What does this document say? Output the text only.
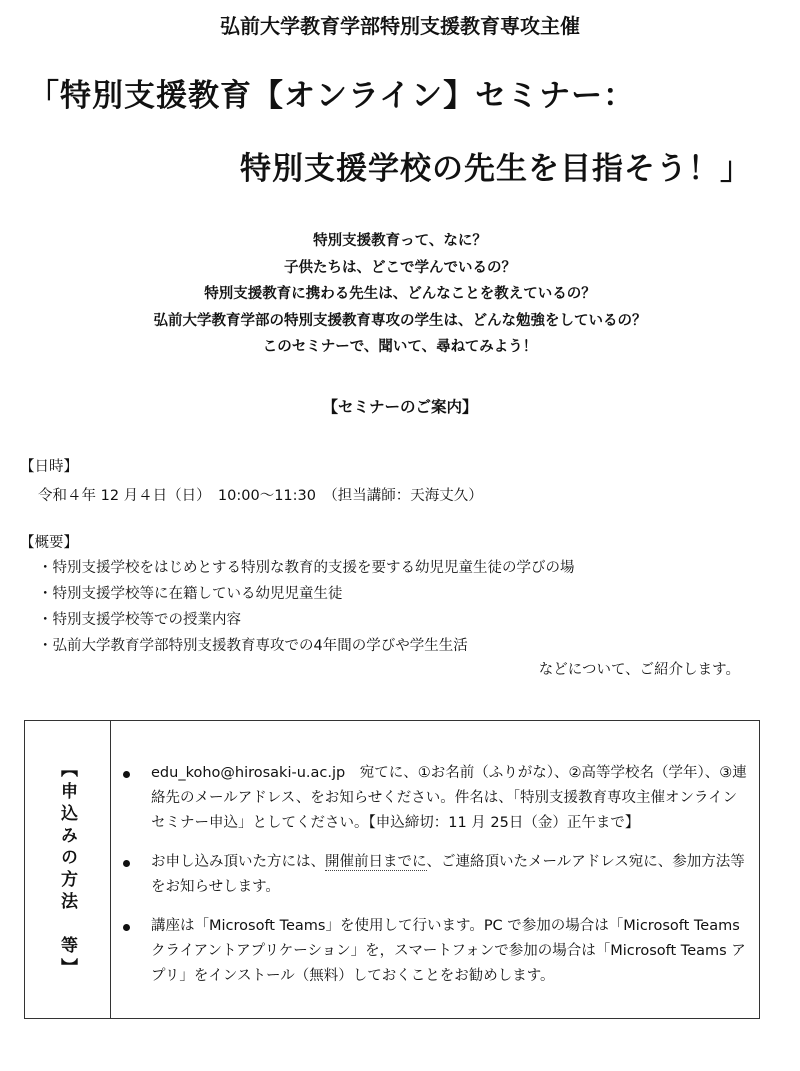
弘前大学教育学部特別支援教育専攻主催
「特別支援教育【オンライン】セミナー：
特別支援学校の先生を目指そう！」
特別支援教育って、なに？
子供たちは、どこで学んでいるの？
特別支援教育に携わる先生は、どんなことを教えているの？
弘前大学教育学部の特別支援教育専攻の学生は、どんな勉強をしているの？
このセミナーで、聞いて、尋ねてみよう！
【セミナーのご案内】
【日時】
令和４年 12 月４日（日）　10:00～11:30　（担当講師：天海丈久）
【概要】
・特別支援学校をはじめとする特別な教育的支援を要する幼児児童生徒の学びの場
・特別支援学校等に在籍している幼児児童生徒
・特別支援学校等での授業内容
・弘前大学教育学部特別支援教育専攻での4年間の学びや学生生活
などについて、ご紹介します。
【申込みの方法　等】	edu_koho@hirosaki-u.ac.jp　宛てに、①お名前（ふりがな）、②高等学校名（学年）、③連絡先のメールアドレス、をお知らせください。件名は、「特別支援教育専攻主催オンラインセミナー申込」としてください。【申込締切：11 月 25日（金）正午まで】
お申し込み頂いた方には、開催前日までに、ご連絡頂いたメールアドレス宛に、参加方法等をお知らせします。
講座は「Microsoft Teams」を使用して行います。PC で参加の場合は「Microsoft Teams クライアントアプリケーション」を，スマートフォンで参加の場合は「Microsoft Teams アプリ」をインストール（無料）しておくことをお勧めします。
